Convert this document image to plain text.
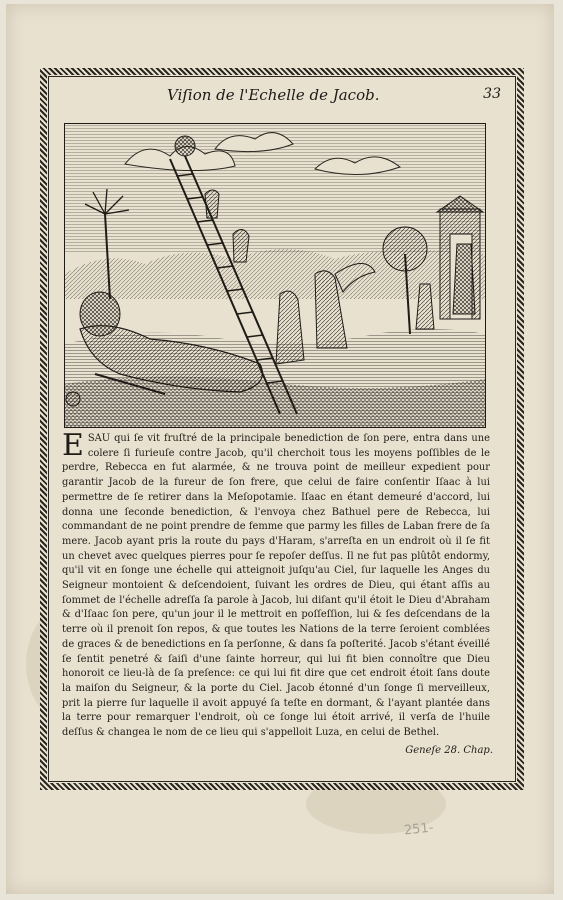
Viſion de l'Echelle de Jacob.	33
ESAU qui ſe vit fruſtré de la principale benediction de ſon pere, entra dans une colere ſi furieuſe contre Jacob, qu'il cherchoit tous les moyens poſſibles de le perdre, Rebecca en fut alarmée, & ne trouva point de meilleur expedient pour garantir Jacob de la fureur de ſon frere, que celui de faire conſentir Iſaac à lui permettre de ſe retirer dans la Meſopotamie. Iſaac en étant demeuré d'accord, lui donna une ſeconde benediction, & l'envoya chez Bathuel pere de Rebecca, lui commandant de ne point prendre de femme que parmy les filles de Laban frere de ſa mere. Jacob ayant pris la route du pays d'Haram, s'arreſta en un endroit où il ſe fit un chevet avec quelques pierres pour ſe repoſer deſſus. Il ne fut pas plûtôt endormy, qu'il vit en ſonge une échelle qui atteignoit juſqu'au Ciel, ſur laquelle les Anges du Seigneur montoient & deſcendoient, ſuivant les ordres de Dieu, qui étant aſſis au ſommet de l'échelle adreſſa ſa parole à Jacob, lui diſant qu'il étoit le Dieu d'Abraham & d'Iſaac ſon pere, qu'un jour il le mettroit en poſſeſſion, lui & ſes deſcendans de la terre où il prenoit ſon repos, & que toutes les Nations de la terre ſeroient comblées de graces & de benedictions en ſa perſonne, & dans ſa poſterité. Jacob s'étant éveillé ſe ſentit penetré & ſaiſi d'une ſainte horreur, qui lui fit bien connoître que Dieu honoroit ce lieu-là de ſa preſence: ce qui lui fit dire que cet endroit étoit ſans doute la maiſon du Seigneur, & la porte du Ciel. Jacob étonné d'un ſonge ſi merveilleux, prit la pierre ſur laquelle il avoit appuyé ſa teſte en dormant, & l'ayant plantée dans la terre pour remarquer l'endroit, où ce ſonge lui étoit arrivé, il verſa de l'huile deſſus & changea le nom de ce lieu qui s'appelloit Luza, en celui de Bethel.
Geneſe 28. Chap.
251-
